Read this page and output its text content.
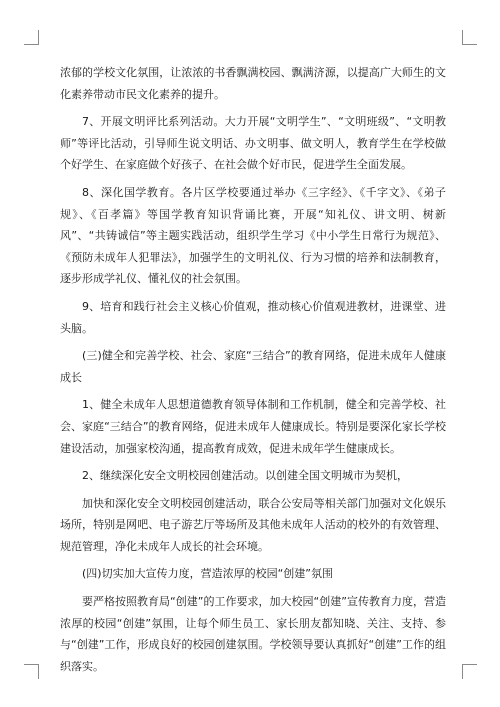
浓郁的学校文化氛围，让浓浓的书香飘满校园、飘满济源，以提高广大师生的文化素养带动市民文化素养的提升。

7、开展文明评比系列活动。大力开展“文明学生”、“文明班级”、“文明教师”等评比活动，引导师生说文明话、办文明事、做文明人，教育学生在学校做个好学生、在家庭做个好孩子、在社会做个好市民，促进学生全面发展。

8、深化国学教育。各片区学校要通过举办《三字经》、《千字文》、《弟子规》、《百孝篇》等国学教育知识背诵比赛，开展“知礼仪、讲文明、树新风”、“共铸诚信”等主题实践活动，组织学生学习《中小学生日常行为规范》、《预防未成年人犯罪法》，加强学生的文明礼仪、行为习惯的培养和法制教育，逐步形成学礼仪、懂礼仪的社会氛围。

9、培育和践行社会主义核心价值观，推动核心价值观进教材，进课堂、进头脑。

(三)健全和完善学校、社会、家庭“三结合”的教育网络，促进未成年人健康成长

1、健全未成年人思想道德教育领导体制和工作机制，健全和完善学校、社会、家庭“三结合”的教育网络，促进未成年人健康成长。特别是要深化家长学校建设活动，加强家校沟通，提高教育成效，促进未成年学生健康成长。

2、继续深化安全文明校园创建活动。以创建全国文明城市为契机，

加快和深化安全文明校园创建活动，联合公安局等相关部门加强对文化娱乐场所，特别是网吧、电子游艺厅等场所及其他未成年人活动的校外的有效管理、规范管理，净化未成年人成长的社会环境。

(四)切实加大宣传力度，营造浓厚的校园“创建”氛围

要严格按照教育局“创建”的工作要求，加大校园“创建”宣传教育力度，营造浓厚的校园“创建”氛围，让每个师生员工、家长朋友都知晓、关注、支持、参与“创建”工作，形成良好的校园创建氛围。学校领导要认真抓好“创建”工作的组织落实。
